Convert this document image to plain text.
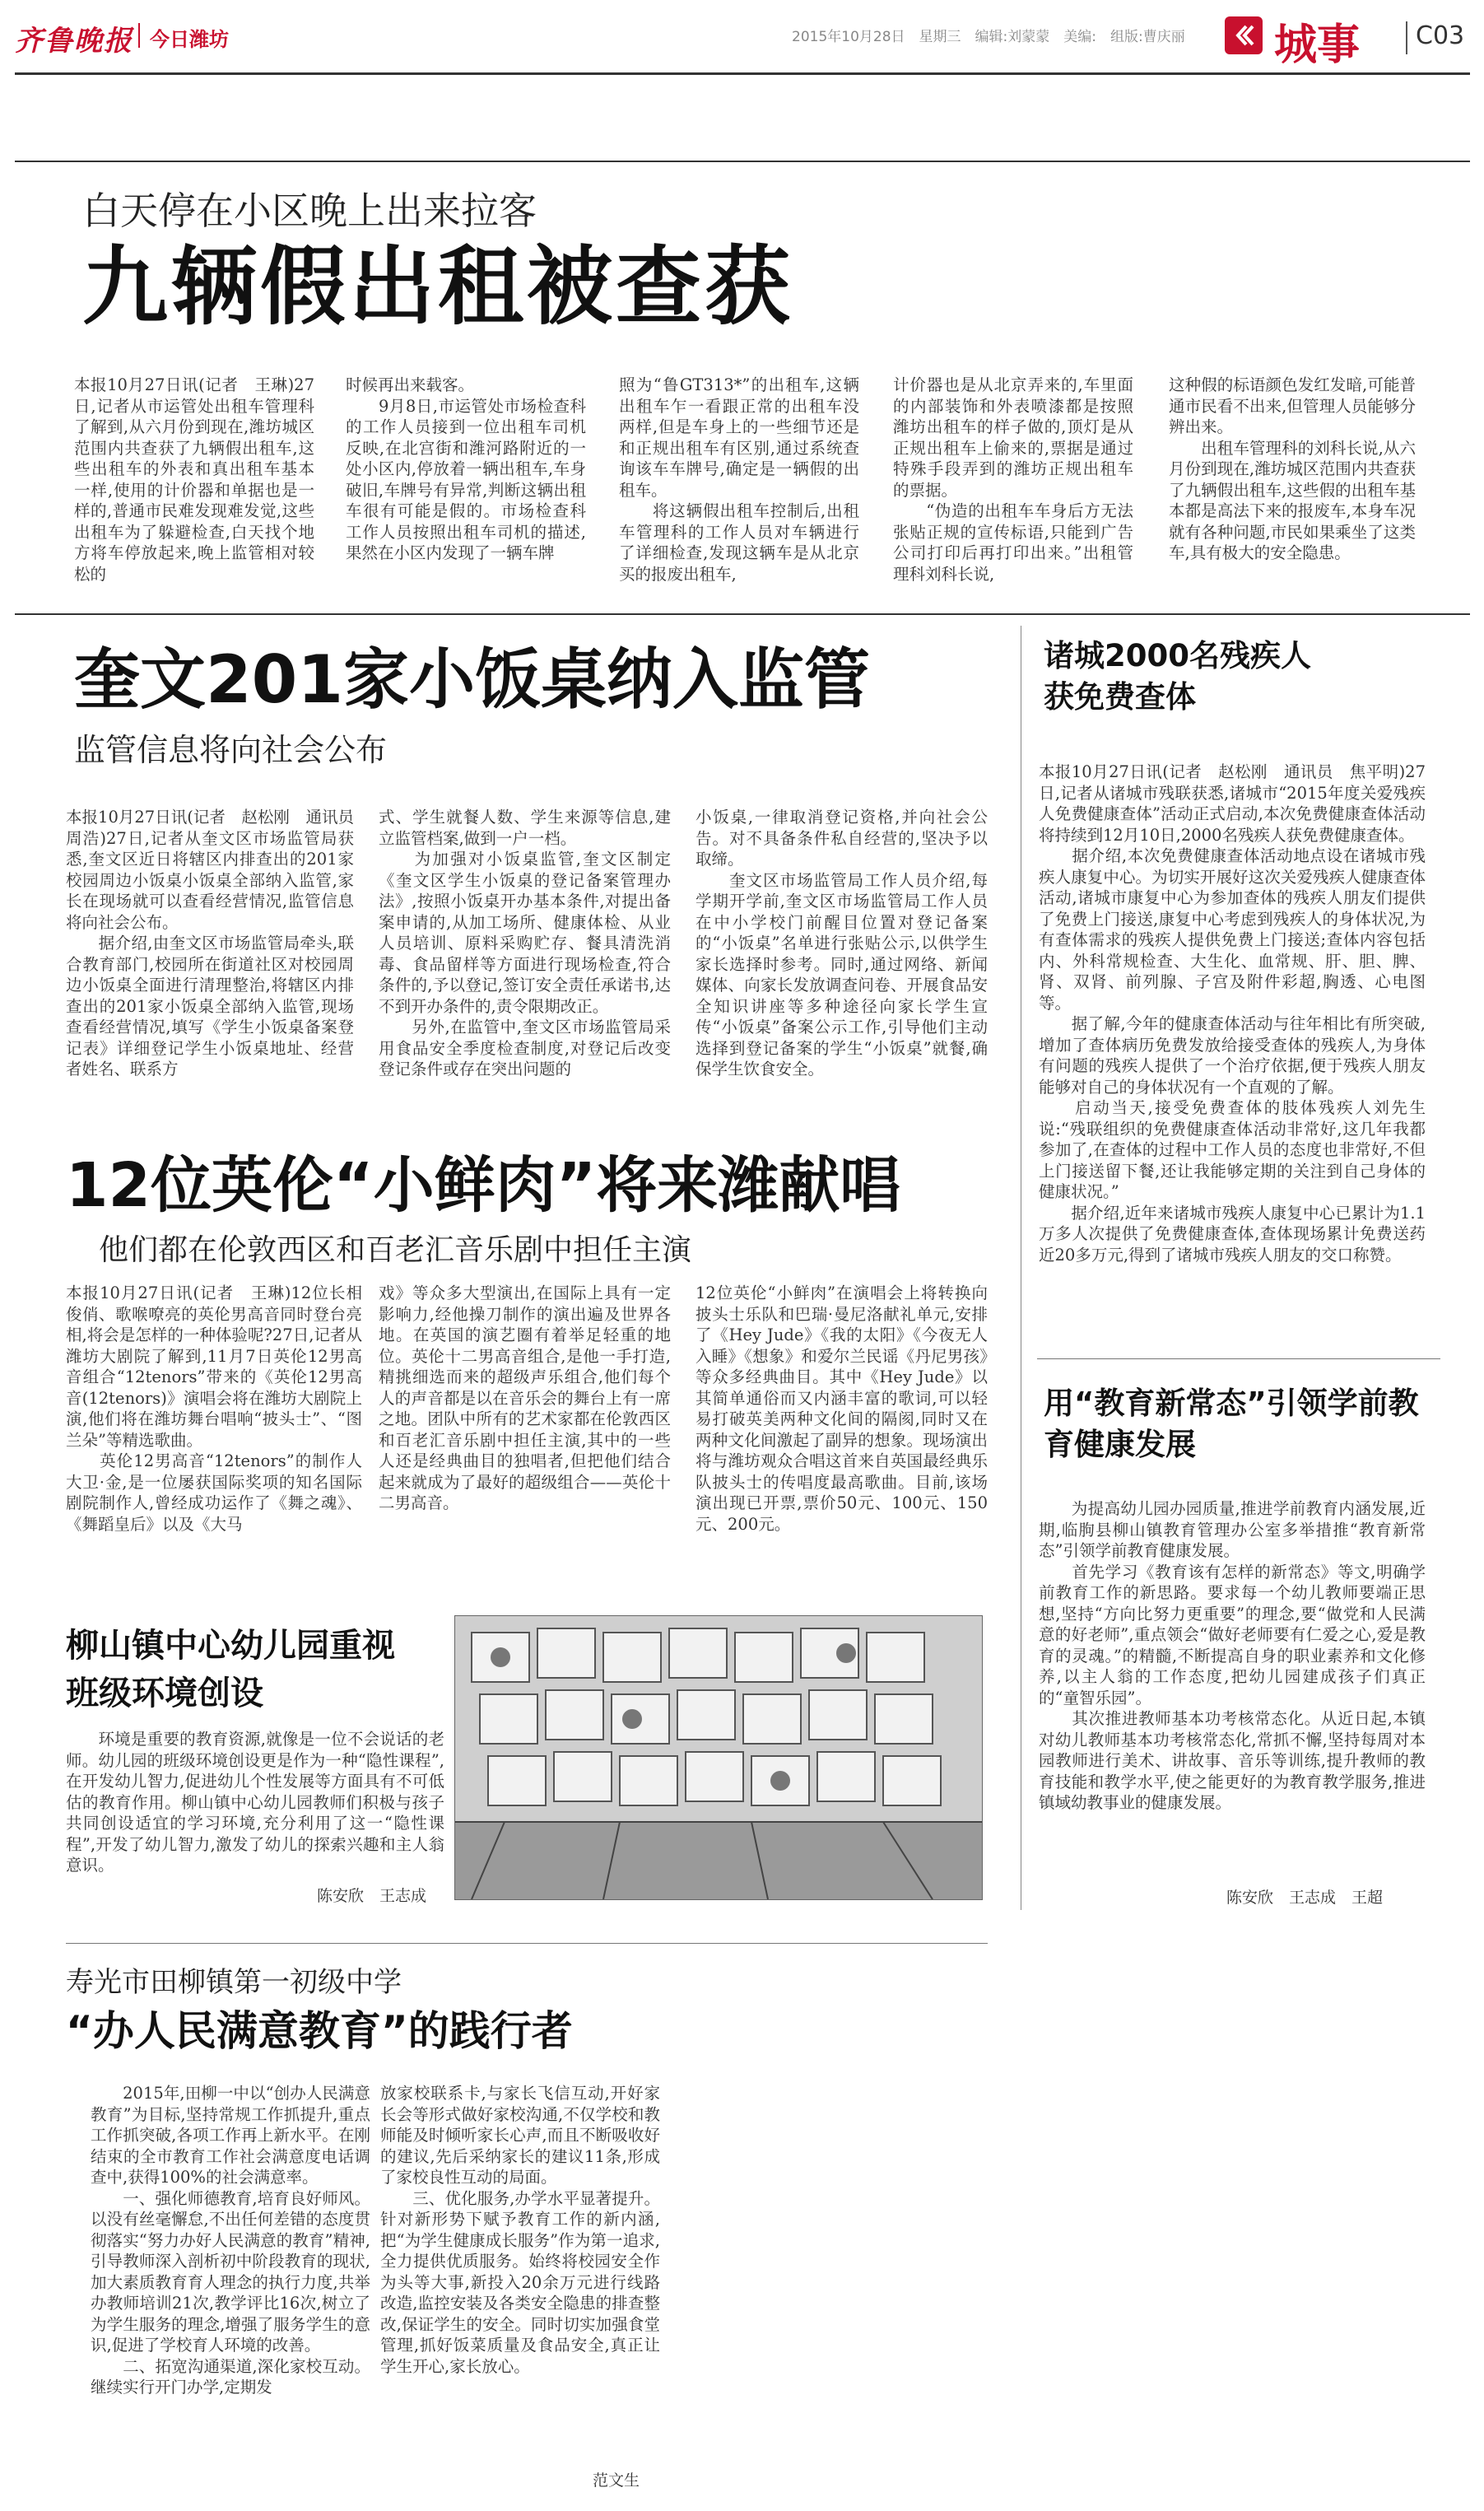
齐鲁晚报 今日潍坊	2015年10月28日　星期三　编辑:刘蒙蒙　美编:　组版:曹庆丽 城事 C03
白天停在小区晚上出来拉客
九辆假出租被查获
本报10月27日讯(记者　王琳)27日,记者从市运管处出租车管理科了解到,从六月份到现在,潍坊城区范围内共查获了九辆假出租车,这些出租车的外表和真出租车基本一样,使用的计价器和单据也是一样的,普通市民难发现难发觉,这些出租车为了躲避检查,白天找个地方将车停放起来,晚上监管相对较松的
时候再出来载客。
　　9月8日,市运管处市场检查科的工作人员接到一位出租车司机反映,在北宫街和潍河路附近的一处小区内,停放着一辆出租车,车身破旧,车牌号有异常,判断这辆出租车很有可能是假的。市场检查科工作人员按照出租车司机的描述,果然在小区内发现了一辆车牌
照为“鲁GT313*”的出租车,这辆出租车乍一看跟正常的出租车没两样,但是车身上的一些细节还是和正规出租车有区别,通过系统查询该车车牌号,确定是一辆假的出租车。
　　将这辆假出租车控制后,出租车管理科的工作人员对车辆进行了详细检查,发现这辆车是从北京买的报废出租车,
计价器也是从北京弄来的,车里面的内部装饰和外表喷漆都是按照潍坊出租车的样子做的,顶灯是从正规出租车上偷来的,票据是通过特殊手段弄到的潍坊正规出租车的票据。
　　“伪造的出租车车身后方无法张贴正规的宣传标语,只能到广告公司打印后再打印出来。”出租管理科刘科长说,
这种假的标语颜色发红发暗,可能普通市民看不出来,但管理人员能够分辨出来。
　　出租车管理科的刘科长说,从六月份到现在,潍坊城区范围内共查获了九辆假出租车,这些假的出租车基本都是高法下来的报废车,本身车况就有各种问题,市民如果乘坐了这类车,具有极大的安全隐患。
奎文201家小饭桌纳入监管
监管信息将向社会公布
本报10月27日讯(记者　赵松刚　通讯员　周浩)27日,记者从奎文区市场监管局获悉,奎文区近日将辖区内排查出的201家校园周边小饭桌小饭桌全部纳入监管,家长在现场就可以查看经营情况,监管信息将向社会公布。
　　据介绍,由奎文区市场监管局牵头,联合教育部门,校园所在街道社区对校园周边小饭桌全面进行清理整治,将辖区内排查出的201家小饭桌全部纳入监管,现场查看经营情况,填写《学生小饭桌备案登记表》详细登记学生小饭桌地址、经营者姓名、联系方
式、学生就餐人数、学生来源等信息,建立监管档案,做到一户一档。
　　为加强对小饭桌监管,奎文区制定《奎文区学生小饭桌的登记备案管理办法》,按照小饭桌开办基本条件,对提出备案申请的,从加工场所、健康体检、从业人员培训、原料采购贮存、餐具清洗消毒、食品留样等方面进行现场检查,符合条件的,予以登记,签订安全责任承诺书,达不到开办条件的,责令限期改正。
　　另外,在监管中,奎文区市场监管局采用食品安全季度检查制度,对登记后改变登记条件或存在突出问题的
小饭桌,一律取消登记资格,并向社会公告。对不具备条件私自经营的,坚决予以取缔。
　　奎文区市场监管局工作人员介绍,每学期开学前,奎文区市场监管局工作人员在中小学校门前醒目位置对登记备案的“小饭桌”名单进行张贴公示,以供学生家长选择时参考。同时,通过网络、新闻媒体、向家长发放调查问卷、开展食品安全知识讲座等多种途径向家长学生宣传“小饭桌”备案公示工作,引导他们主动选择到登记备案的学生“小饭桌”就餐,确保学生饮食安全。
12位英伦“小鲜肉”将来潍献唱
他们都在伦敦西区和百老汇音乐剧中担任主演
本报10月27日讯(记者　王琳)12位长相俊俏、歌喉嘹亮的英伦男高音同时登台亮相,将会是怎样的一种体验呢?27日,记者从潍坊大剧院了解到,11月7日英伦12男高音组合“12tenors”带来的《英伦12男高音(12tenors)》演唱会将在潍坊大剧院上演,他们将在潍坊舞台唱响“披头士”、“图兰朵”等精选歌曲。
　　英伦12男高音“12tenors”的制作人大卫·金,是一位屡获国际奖项的知名国际剧院制作人,曾经成功运作了《舞之魂》、《舞蹈皇后》以及《大马
戏》等众多大型演出,在国际上具有一定影响力,经他操刀制作的演出遍及世界各地。在英国的演艺圈有着举足轻重的地位。英伦十二男高音组合,是他一手打造,精挑细选而来的超级声乐组合,他们每个人的声音都是以在音乐会的舞台上有一席之地。团队中所有的艺术家都在伦敦西区和百老汇音乐剧中担任主演,其中的一些人还是经典曲目的独唱者,但把他们结合起来就成为了最好的超级组合——英伦十二男高音。
12位英伦“小鲜肉”在演唱会上将转换向披头士乐队和巴瑞·曼尼洛献礼单元,安排了《Hey Jude》《我的太阳》《今夜无人入睡》《想象》和爱尔兰民谣《丹尼男孩》等众多经典曲目。其中《Hey Jude》以其简单通俗而又内涵丰富的歌词,可以轻易打破英美两种文化间的隔阂,同时又在两种文化间激起了副异的想象。现场演出将与潍坊观众合唱这首来自英国最经典乐队披头士的传唱度最高歌曲。目前,该场演出现已开票,票价50元、100元、150元、200元。
柳山镇中心幼儿园重视班级环境创设
　　环境是重要的教育资源,就像是一位不会说话的老师。幼儿园的班级环境创设更是作为一种“隐性课程”,在开发幼儿智力,促进幼儿个性发展等方面具有不可低估的教育作用。柳山镇中心幼儿园教师们积极与孩子共同创设适宜的学习环境,充分利用了这一“隐性课程”,开发了幼儿智力,激发了幼儿的探索兴趣和主人翁意识。
陈安欣　王志成
寿光市田柳镇第一初级中学
“办人民满意教育”的践行者
　　2015年,田柳一中以“创办人民满意教育”为目标,坚持常规工作抓提升,重点工作抓突破,各项工作再上新水平。在刚结束的全市教育工作社会满意度电话调查中,获得100%的社会满意率。
　　一、强化师德教育,培育良好师风。以没有丝毫懈怠,不出任何差错的态度贯彻落实“努力办好人民满意的教育”精神,引导教师深入剖析初中阶段教育的现状,加大素质教育育人理念的执行力度,共举办教师培训21次,教学评比16次,树立了为学生服务的理念,增强了服务学生的意识,促进了学校育人环境的改善。
　　二、拓宽沟通渠道,深化家校互动。继续实行开门办学,定期发
放家校联系卡,与家长飞信互动,开好家长会等形式做好家校沟通,不仅学校和教师能及时倾听家长心声,而且不断吸收好的建议,先后采纳家长的建议11条,形成了家校良性互动的局面。
　　三、优化服务,办学水平显著提升。针对新形势下赋予教育工作的新内涵,把“为学生健康成长服务”作为第一追求,全力提供优质服务。始终将校园安全作为头等大事,新投入20余万元进行线路改造,监控安装及各类安全隐患的排查整改,保证学生的安全。同时切实加强食堂管理,抓好饭菜质量及食品安全,真正让学生开心,家长放心。
范文生
诸城2000名残疾人获免费查体
本报10月27日讯(记者　赵松刚　通讯员　焦平明)27日,记者从诸城市残联获悉,诸城市“2015年度关爱残疾人免费健康查体”活动正式启动,本次免费健康查体活动将持续到12月10日,2000名残疾人获免费健康查体。
　　据介绍,本次免费健康查体活动地点设在诸城市残疾人康复中心。为切实开展好这次关爱残疾人健康查体活动,诸城市康复中心为参加查体的残疾人朋友们提供了免费上门接送,康复中心考虑到残疾人的身体状况,为有查体需求的残疾人提供免费上门接送;查体内容包括内、外科常规检查、大生化、血常规、肝、胆、脾、肾、双肾、前列腺、子宫及附件彩超,胸透、心电图等。
　　据了解,今年的健康查体活动与往年相比有所突破,增加了查体病历免费发放给接受查体的残疾人,为身体有问题的残疾人提供了一个治疗依据,便于残疾人朋友能够对自己的身体状况有一个直观的了解。
　　启动当天,接受免费查体的肢体残疾人刘先生说:“残联组织的免费健康查体活动非常好,这几年我都参加了,在查体的过程中工作人员的态度也非常好,不但上门接送留下餐,还让我能够定期的关注到自己身体的健康状况。”
　　据介绍,近年来诸城市残疾人康复中心已累计为1.1万多人次提供了免费健康查体,查体现场累计免费送药近20多万元,得到了诸城市残疾人朋友的交口称赞。
用“教育新常态”引领学前教育健康发展
　　为提高幼儿园办园质量,推进学前教育内涵发展,近期,临朐县柳山镇教育管理办公室多举措推“教育新常态”引领学前教育健康发展。
　　首先学习《教育该有怎样的新常态》等文,明确学前教育工作的新思路。要求每一个幼儿教师要端正思想,坚持“方向比努力更重要”的理念,要“做党和人民满意的好老师”,重点领会“做好老师要有仁爱之心,爱是教育的灵魂。”的精髓,不断提高自身的职业素养和文化修养,以主人翁的工作态度,把幼儿园建成孩子们真正的“童智乐园”。
　　其次推进教师基本功考核常态化。从近日起,本镇对幼儿教师基本功考核常态化,常抓不懈,坚持每周对本园教师进行美术、讲故事、音乐等训练,提升教师的教育技能和教学水平,使之能更好的为教育教学服务,推进镇域幼教事业的健康发展。
陈安欣　王志成　王超
